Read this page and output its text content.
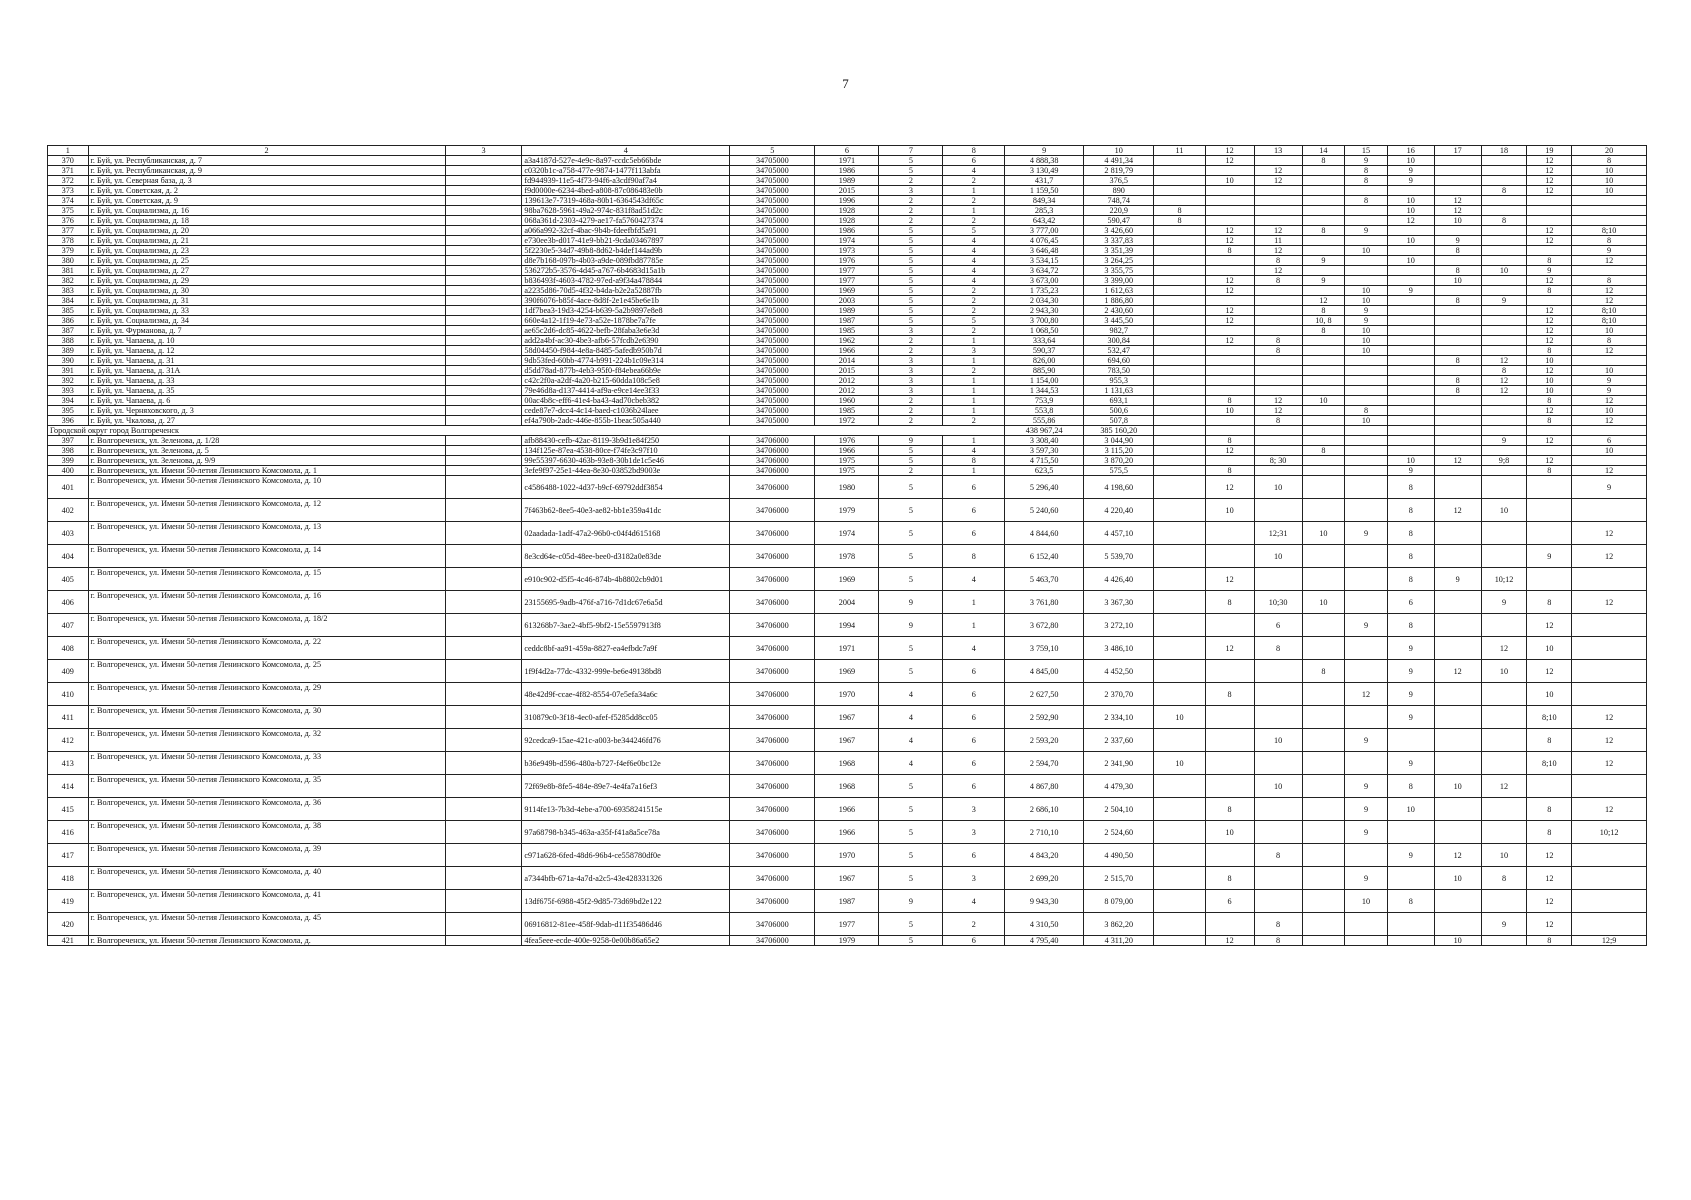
7
1	2	3	4	5	6	7	8	9	10	11	12	13	14	15	16	17	18	19	20
370	г. Буй, ул. Республиканская, д. 7		a3a4187d-527e-4e9c-8a97-ccdc5eb66bde	34705000	1971	5	6	4 888,38	4 491,34		12		8	9	10			12	8
371	г. Буй, ул. Республиканская, д. 9		c0320b1c-a758-477e-9874-1477f113abfa	34705000	1986	5	4	3 130,49	2 819,79			12		8	9			12	10
372	г. Буй, ул. Северная база, д. 3		fd944939-11e5-4f73-94f6-a3cdf90af7a4	34705000	1989	2	2	431,7	376,5		10	12		8	9			12	10
373	г. Буй, ул. Советская, д. 2		f9d0000e-6234-4bed-a808-87c086483e0b	34705000	2015	3	1	1 159,50	890								8	12	10
374	г. Буй, ул. Советская, д. 9		139613e7-7319-468a-80b1-6364543df65c	34705000	1996	2	2	849,34	748,74					8	10	12			
375	г. Буй, ул. Социализма, д. 16		98ba7628-5961-49a2-974c-831f8ad51d2c	34705000	1928	2	1	285,3	220,9	8					10	12			
376	г. Буй, ул. Социализма, д. 18		068a361d-2303-4279-ae17-fa5760427374	34705000	1928	2	2	643,42	590,47	8					12	10	8		
377	г. Буй, ул. Социализма, д. 20		a066a992-32cf-4bac-9b4b-fdeefbfd5a91	34705000	1986	5	5	3 777,00	3 426,60		12	12	8	9				12	8;10
378	г. Буй, ул. Социализма, д. 21		e730ee3b-d017-41e9-bb21-9cda03467897	34705000	1974	5	4	4 076,45	3 337,83		12	11			10	9		12	8
379	г. Буй, ул. Социализма, д. 23		5f2230e5-34d7-49b8-8d62-b4def144ad9b	34705000	1973	5	4	3 646,48	3 351,39		8	12		10		8			9
380	г. Буй, ул. Социализма, д. 25		d8e7b168-097b-4b03-a9de-089fbd87785e	34705000	1976	5	4	3 534,15	3 264,25			8	9		10			8	12
381	г. Буй, ул. Социализма, д. 27		536272b5-3576-4d45-a767-6b4683d15a1b	34705000	1977	5	4	3 634,72	3 355,75			12				8	10	9	
382	г. Буй, ул. Социализма, д. 29		b836493f-4603-4782-97ed-a9f34a478844	34705000	1977	5	4	3 673,00	3 399,00		12	8	9			10		12	8
383	г. Буй, ул. Социализма, д. 30		a2235d86-70d5-4f32-b4da-b2e2a52887fb	34705000	1969	5	2	1 735,23	1 612,63		12			10	9			8	12
384	г. Буй, ул. Социализма, д. 31		390f6076-b85f-4ace-8d8f-2e1e45be6e1b	34705000	2003	5	2	2 034,30	1 886,80				12	10		8	9		12
385	г. Буй, ул. Социализма, д. 33		1df7bea3-19d3-4254-b639-5a2b9897e8e8	34705000	1989	5	2	2 943,30	2 430,60		12		8	9				12	8;10
386	г. Буй, ул. Социализма, д. 34		660e4a12-1f19-4e73-a52e-1878be7a7fe	34705000	1987	5	5	3 700,80	3 445,50		12		10, 8	9				12	8;10
387	г. Буй, ул. Фурманова, д. 7		ae65c2d6-dc85-4622-befb-28faba3e6e3d	34705000	1985	3	2	1 068,50	982,7				8	10				12	10
388	г. Буй, ул. Чапаева, д. 10		add2a4bf-ac30-4be3-afb6-57fcdb2e6390	34705000	1962	2	1	333,64	300,84		12	8		10				12	8
389	г. Буй, ул. Чапаева, д. 12		58d04450-f984-4e8a-8485-5afedb950b7d	34705000	1966	2	3	590,37	532,47			8		10				8	12
390	г. Буй, ул. Чапаева, д. 31		9db53fed-60bb-4774-b991-224b1c09e314	34705000	2014	3	1	826,00	694,60							8	12	10	
391	г. Буй, ул. Чапаева, д. 31А		d5dd78ad-877b-4eb3-95f0-f84ebea66b9e	34705000	2015	3	2	885,90	783,50								8	12	10
392	г. Буй, ул. Чапаева, д. 33		c42c2f0a-a2df-4a20-b215-60dda108c5e8	34705000	2012	3	1	1 154,00	955,3							8	12	10	9
393	г. Буй, ул. Чапаева, д. 35		79e46d8a-d137-4414-af9a-e9ce14ee3f33	34705000	2012	3	1	1 344,53	1 131,63							8	12	10	9
394	г. Буй, ул. Чапаева, д. 6		00ac4b8c-eff6-41e4-ba43-4ad70cbeb382	34705000	1960	2	1	753,9	693,1		8	12	10					8	12
395	г. Буй, ул. Черняховского, д. 3		cede87e7-dcc4-4c14-baed-c1036b24laee	34705000	1985	2	1	553,8	500,6		10	12		8				12	10
396	г. Буй, ул. Чкалова, д. 27		ef4a790b-2adc-446e-855b-1beac505a440	34705000	1972	2	2	555,86	507,8			8		10				8	12
Городской округ город Волгореченск								438 967,24	385 160,20										
397	г. Волгореченск, ул. Зеленова, д. 1/28		afb88430-cefb-42ac-8119-3b9d1e84f250	34706000	1976	9	1	3 308,40	3 044,90		8						9	12	6
398	г. Волгореченск, ул. Зеленова, д. 5		134f125e-87ea-4538-80ce-f74fe3c97f10	34706000	1966	5	4	3 597,30	3 115,20		12		8						10
399	г. Волгореченск, ул. Зеленова, д. 9/9		99e55397-6630-463b-93e8-30b1de1c5e46	34706000	1975	5	8	4 715,50	3 870,20			8; 30			10	12	9;8	12	
400	г. Волгореченск, ул. Имени 50-летия Ленинского Комсомола, д. 1		3efe9f97-25e1-44ea-8e30-03852bd9003e	34706000	1975	2	1	623,5	575,5		8				9			8	12
401	г. Волгореченск, ул. Имени 50-летия Ленинского Комсомола, д. 10		c4586488-1022-4d37-b9cf-69792ddf3854	34706000	1980	5	6	5 296,40	4 198,60		12	10			8				9
402	г. Волгореченск, ул. Имени 50-летия Ленинского Комсомола, д. 12		7f463b62-8ee5-40e3-ae82-bb1e359a41dc	34706000	1979	5	6	5 240,60	4 220,40		10				8	12	10		
403	г. Волгореченск, ул. Имени 50-летия Ленинского Комсомола, д. 13		02aadada-1adf-47a2-96b0-c04f4d615168	34706000	1974	5	6	4 844,60	4 457,10			12;31	10	9	8				12
404	г. Волгореченск, ул. Имени 50-летия Ленинского Комсомола, д. 14		8e3cd64e-c05d-48ee-bee0-d3182a0e83de	34706000	1978	5	8	6 152,40	5 539,70			10			8			9	12
405	г. Волгореченск, ул. Имени 50-летия Ленинского Комсомола, д. 15		e910c902-d5f5-4c46-874b-4b8802cb9d01	34706000	1969	5	4	5 463,70	4 426,40		12				8	9	10;12		
406	г. Волгореченск, ул. Имени 50-летия Ленинского Комсомола, д. 16		23155695-9adb-476f-a716-7d1dc67e6a5d	34706000	2004	9	1	3 761,80	3 367,30		8	10;30	10		6		9	8	12
407	г. Волгореченск, ул. Имени 50-летия Ленинского Комсомола, д. 18/2		613268b7-3ae2-4bf5-9bf2-15e5597913f8	34706000	1994	9	1	3 672,80	3 272,10			6		9	8			12	
408	г. Волгореченск, ул. Имени 50-летия Ленинского Комсомола, д. 22		ceddc8bf-aa91-459a-8827-ea4efbdc7a9f	34706000	1971	5	4	3 759,10	3 486,10		12	8			9		12	10	
409	г. Волгореченск, ул. Имени 50-летия Ленинского Комсомола, д. 25		1f9f4d2a-77dc-4332-999e-be6e49138bd8	34706000	1969	5	6	4 845,00	4 452,50				8		9	12	10	12	
410	г. Волгореченск, ул. Имени 50-летия Ленинского Комсомола, д. 29		48e42d9f-ccae-4f82-8554-07e5efa34a6c	34706000	1970	4	6	2 627,50	2 370,70		8			12	9			10	
411	г. Волгореченск, ул. Имени 50-летия Ленинского Комсомола, д. 30		310879c0-3f18-4ec0-afef-f5285dd8cc05	34706000	1967	4	6	2 592,90	2 334,10	10					9			8;10	12
412	г. Волгореченск, ул. Имени 50-летия Ленинского Комсомола, д. 32		92cedca9-15ae-421c-a003-be344246fd76	34706000	1967	4	6	2 593,20	2 337,60			10		9				8	12
413	г. Волгореченск, ул. Имени 50-летия Ленинского Комсомола, д. 33		b36e949b-d596-480a-b727-f4ef6e0bc12e	34706000	1968	4	6	2 594,70	2 341,90	10					9			8;10	12
414	г. Волгореченск, ул. Имени 50-летия Ленинского Комсомола, д. 35		72f69e8b-8fe5-484e-89e7-4e4fa7a16ef3	34706000	1968	5	6	4 867,80	4 479,30			10		9	8	10	12		
415	г. Волгореченск, ул. Имени 50-летия Ленинского Комсомола, д. 36		9114fe13-7b3d-4ebe-a700-69358241515e	34706000	1966	5	3	2 686,10	2 504,10		8			9	10			8	12
416	г. Волгореченск, ул. Имени 50-летия Ленинского Комсомола, д. 38		97a68798-b345-463a-a35f-f41a8a5ce78a	34706000	1966	5	3	2 710,10	2 524,60		10			9				8	10;12
417	г. Волгореченск, ул. Имени 50-летия Ленинского Комсомола, д. 39		c971a628-6fed-48d6-96b4-ce558780df0e	34706000	1970	5	6	4 843,20	4 490,50			8			9	12	10	12	
418	г. Волгореченск, ул. Имени 50-летия Ленинского Комсомола, д. 40		a7344bfb-671a-4a7d-a2c5-43e428331326	34706000	1967	5	3	2 699,20	2 515,70		8			9		10	8	12	
419	г. Волгореченск, ул. Имени 50-летия Ленинского Комсомола, д. 41		13df675f-6988-45f2-9d85-73d69bd2e122	34706000	1987	9	4	9 943,30	8 079,00		6			10	8			12	
420	г. Волгореченск, ул. Имени 50-летия Ленинского Комсомола, д. 45		06916812-81ee-458f-9dab-d11f35486d46	34706000	1977	5	2	4 310,50	3 862,20			8					9	12	
421	г. Волгореченск, ул. Имени 50-летия Ленинского Комсомола, д.		4fea5eee-ecde-400e-9258-0e00b86a65e2	34706000	1979	5	6	4 795,40	4 311,20		12	8				10		8	12;9
